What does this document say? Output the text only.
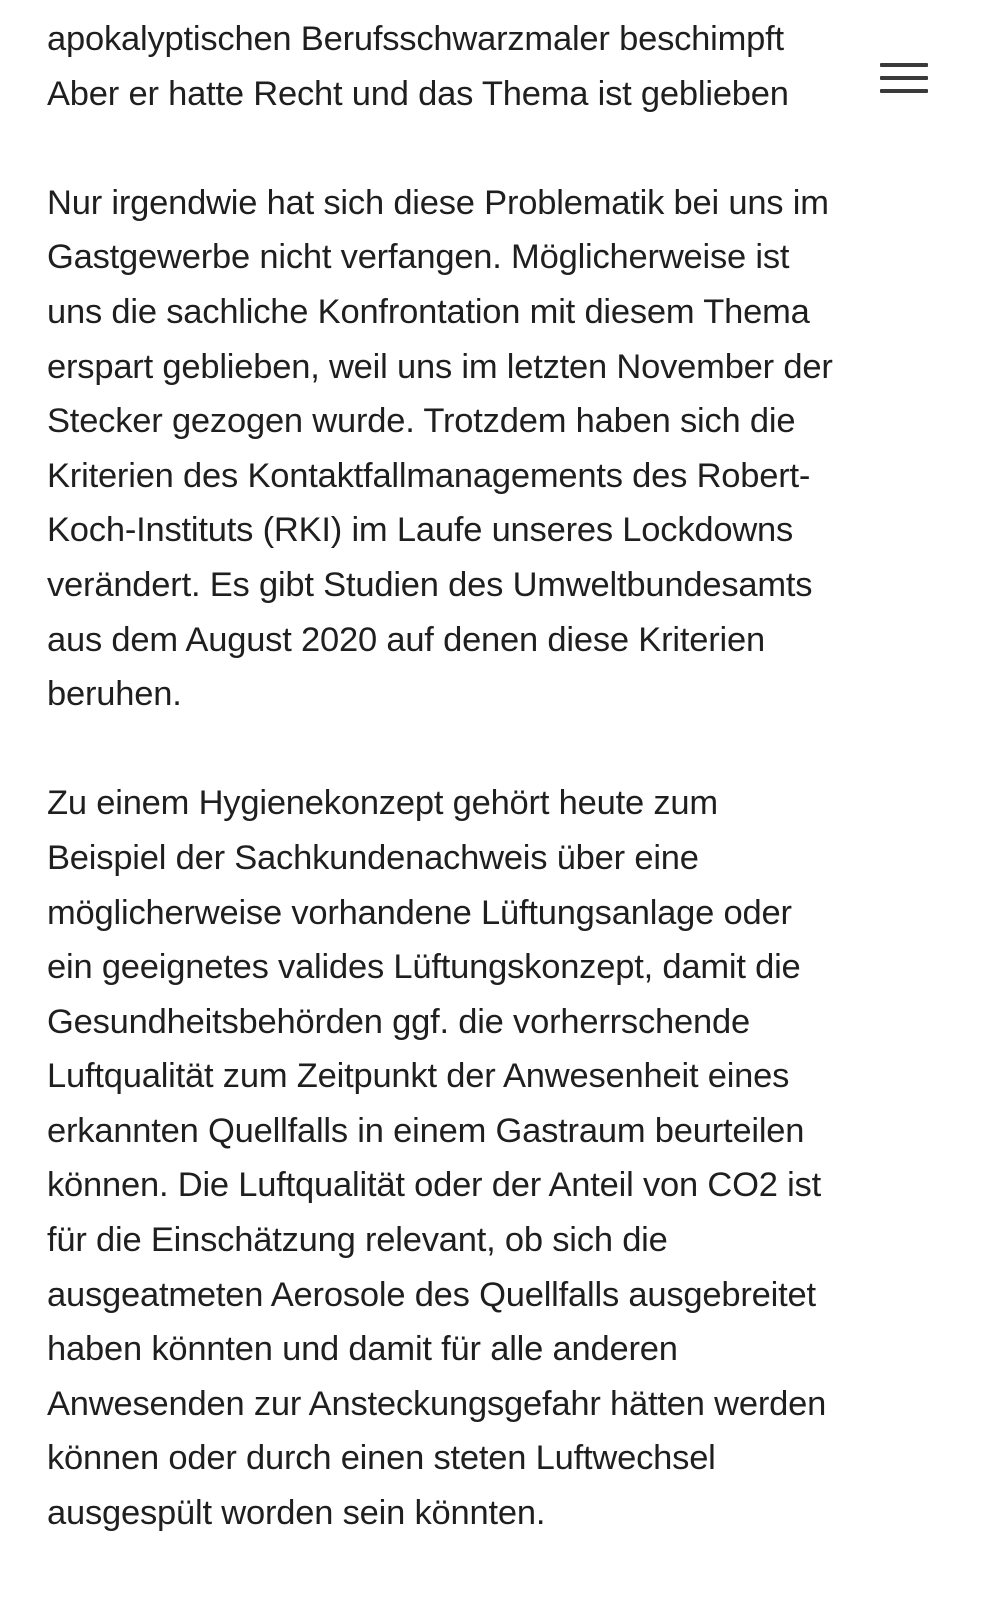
apokalyptischen Berufsschwarzmaler beschimpft
Aber er hatte Recht und das Thema ist geblieben

Nur irgendwie hat sich diese Problematik bei uns im
Gastgewerbe nicht verfangen. Möglicherweise ist
uns die sachliche Konfrontation mit diesem Thema
erspart geblieben, weil uns im letzten November der
Stecker gezogen wurde. Trotzdem haben sich die
Kriterien des Kontaktfallmanagements des Robert-
Koch-Instituts (RKI) im Laufe unseres Lockdowns
verändert. Es gibt Studien des Umweltbundesamts
aus dem August 2020 auf denen diese Kriterien
beruhen.

Zu einem Hygienekonzept gehört heute zum
Beispiel der Sachkundenachweis über eine
möglicherweise vorhandene Lüftungsanlage oder
ein geeignetes valides Lüftungskonzept, damit die
Gesundheitsbehörden ggf. die vorherrschende
Luftqualität zum Zeitpunkt der Anwesenheit eines
erkannten Quellfalls in einem Gastraum beurteilen
können. Die Luftqualität oder der Anteil von CO2 ist
für die Einschätzung relevant, ob sich die
ausgeatmeten Aerosole des Quellfalls ausgebreitet
haben könnten und damit für alle anderen
Anwesenden zur Ansteckungsgefahr hätten werden
können oder durch einen steten Luftwechsel
ausgespült worden sein könnten.
